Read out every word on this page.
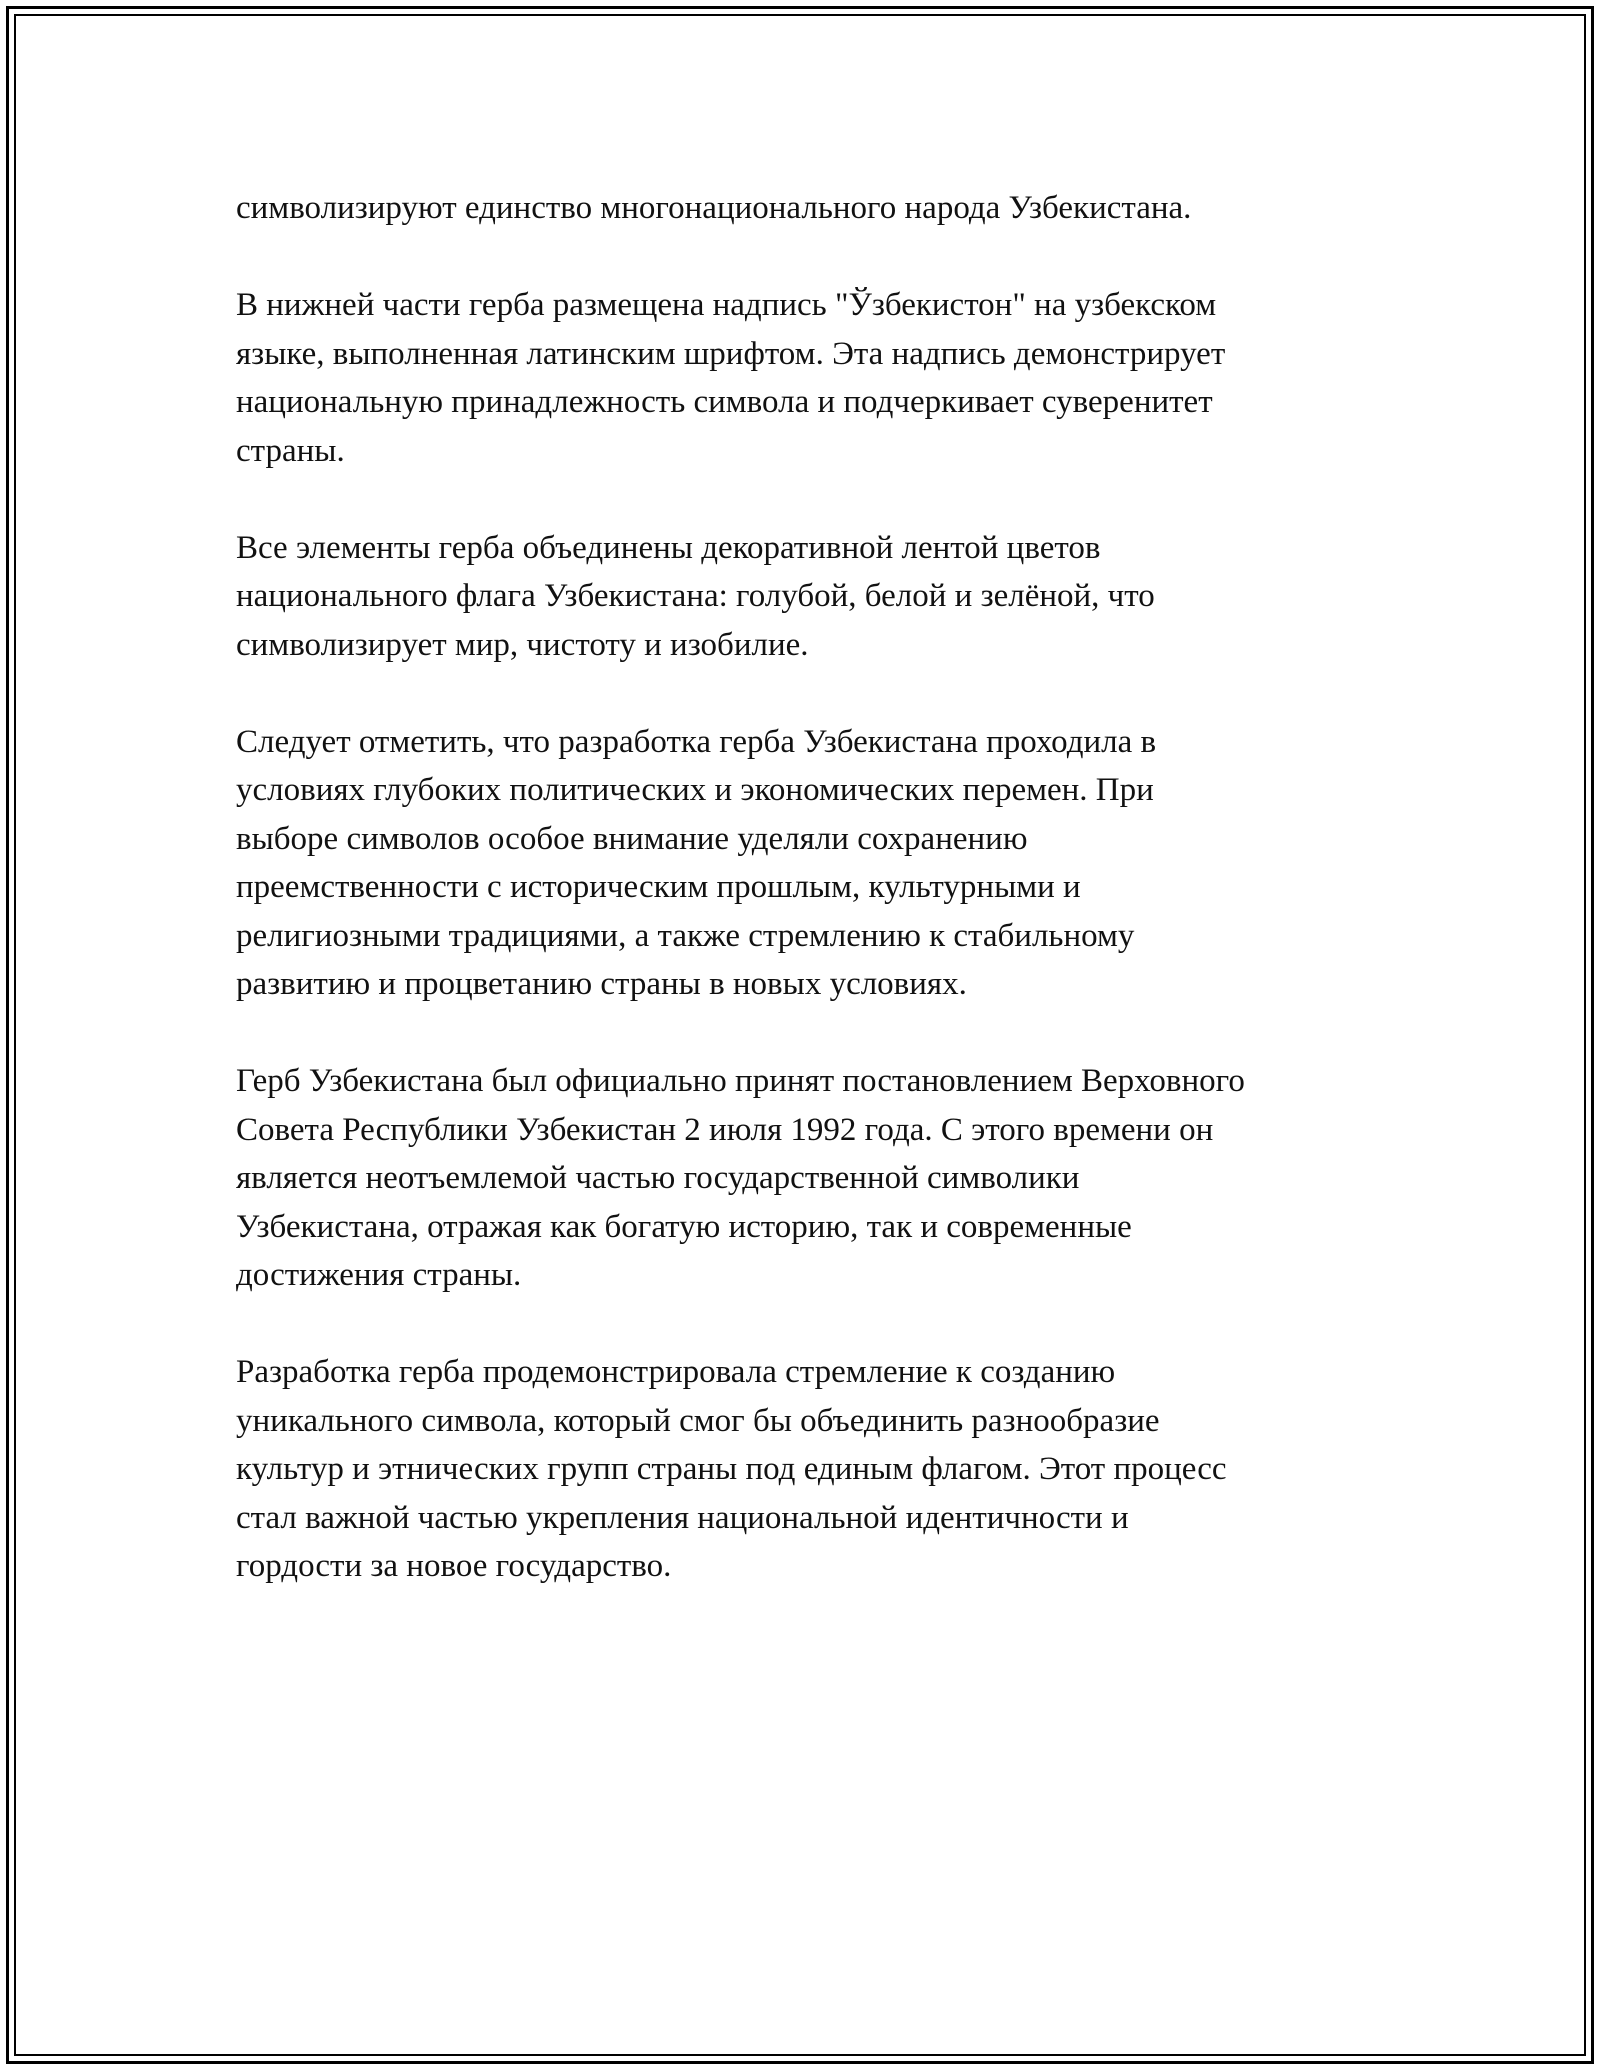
символизируют единство многонационального народа Узбекистана.

В нижней части герба размещена надпись "Ўзбекистон" на узбекском
языке, выполненная латинским шрифтом. Эта надпись демонстрирует
национальную принадлежность символа и подчеркивает суверенитет
страны.

Все элементы герба объединены декоративной лентой цветов
национального флага Узбекистана: голубой, белой и зелёной, что
символизирует мир, чистоту и изобилие.

Следует отметить, что разработка герба Узбекистана проходила в
условиях глубоких политических и экономических перемен. При
выборе символов особое внимание уделяли сохранению
преемственности с историческим прошлым, культурными и
религиозными традициями, а также стремлению к стабильному
развитию и процветанию страны в новых условиях.

Герб Узбекистана был официально принят постановлением Верховного
Совета Республики Узбекистан 2 июля 1992 года. С этого времени он
является неотъемлемой частью государственной символики
Узбекистана, отражая как богатую историю, так и современные
достижения страны.

Разработка герба продемонстрировала стремление к созданию
уникального символа, который смог бы объединить разнообразие
культур и этнических групп страны под единым флагом. Этот процесс
стал важной частью укрепления национальной идентичности и
гордости за новое государство.
